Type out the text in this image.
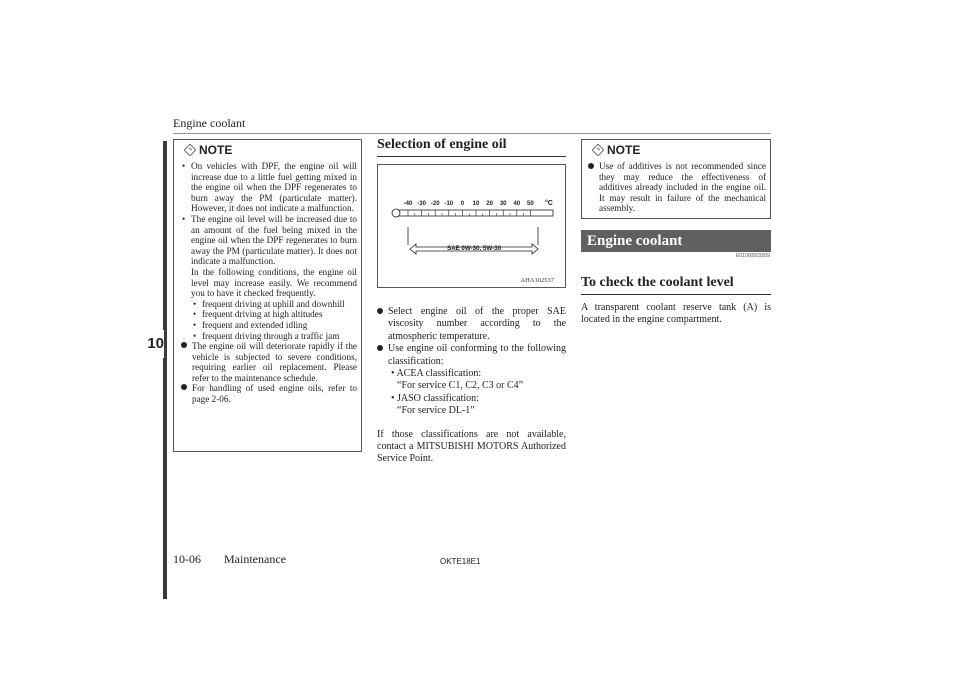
Engine coolant
10
NOTE
• On vehicles with DPF, the engine oil will increase due to a little fuel getting mixed in the engine oil when the DPF regenerates to burn away the PM (particulate matter). However, it does not indicate a malfunction.
• The engine oil level will be increased due to an amount of the fuel being mixed in the engine oil when the DPF regenerates to burn away the PM (particulate matter). It does not indicate a malfunction.
In the following conditions, the engine oil level may increase easily. We recommend you to have it checked frequently.
• frequent driving at uphill and downhill
• frequent driving at high altitudes
• frequent and extended idling
• frequent driving through a traffic jam
The engine oil will deteriorate rapidly if the vehicle is subjected to severe conditions, requiring earlier oil replacement. Please refer to the maintenance schedule.
For handling of used engine oils, refer to page 2-06.
Selection of engine oil
-40 -30 -20 -10 0 10 20 30 40 50 °C
SAE 0W-30, 5W-30
AHA102537
Select engine oil of the proper SAE viscosity number according to the atmospheric temperature.
Use engine oil conforming to the following classification:
• ACEA classification:
“For service C1, C2, C3 or C4”
• JASO classification:
“For service DL-1”
If those classifications are not available, contact a MITSUBISHI MOTORS Authorized Service Point.
NOTE
Use of additives is not recommended since they may reduce the effectiveness of additives already included in the engine oil. It may result in failure of the mechanical assembly.
Engine coolant
E01000503509
To check the coolant level
A transparent coolant reserve tank (A) is located in the engine compartment.
10-06 Maintenance	OKTE18E1
